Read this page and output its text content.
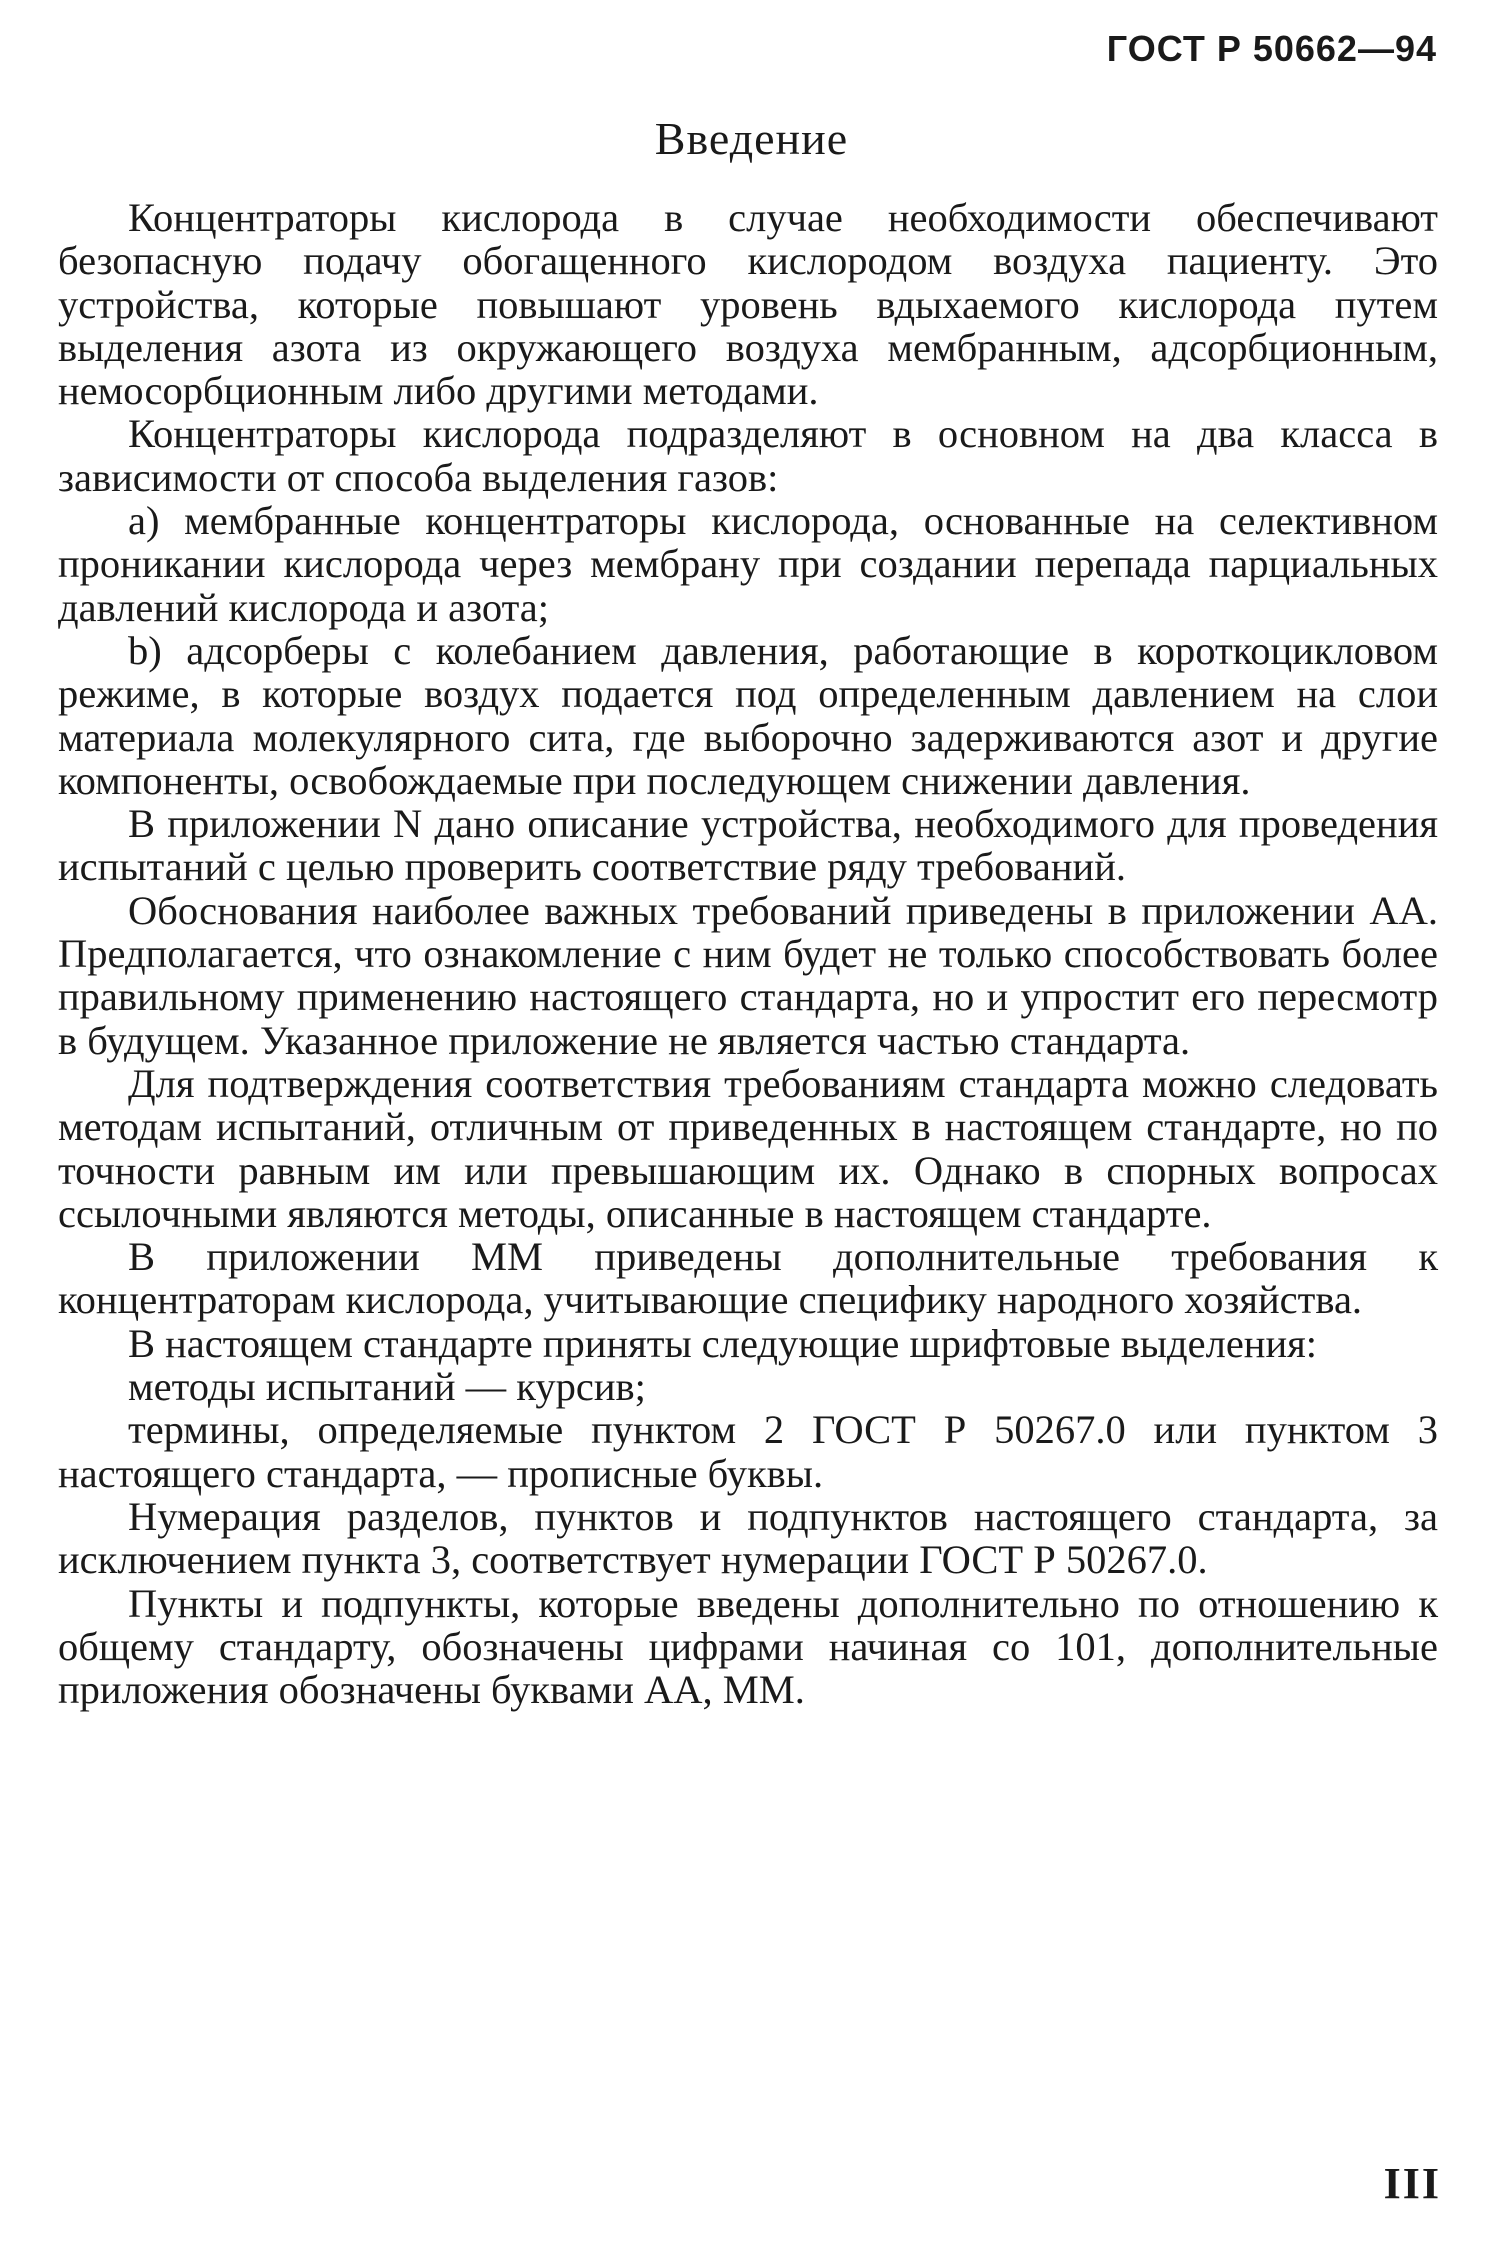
ГОСТ Р 50662—94
Введение

Концентраторы кислорода в случае необходимости обеспечивают безопасную подачу обогащенного кислородом воздуха пациенту. Это устройства, которые повышают уровень вдыхаемого кислорода путем выделения азота из окружающего воздуха мембранным, адсорбционным, немосорбционным либо другими методами.

Концентраторы кислорода подразделяют в основном на два класса в зависимости от способа выделения газов:

а) мембранные концентраторы кислорода, основанные на селективном проникании кислорода через мембрану при создании перепада парциальных давлений кислорода и азота;

b) адсорберы с колебанием давления, работающие в короткоцикловом режиме, в которые воздух подается под определенным давлением на слои материала молекулярного сита, где выборочно задерживаются азот и другие компоненты, освобождаемые при последующем снижении давления.

В приложении N дано описание устройства, необходимого для проведения испытаний с целью проверить соответствие ряду требований.

Обоснования наиболее важных требований приведены в приложении АА. Предполагается, что ознакомление с ним будет не только способствовать более правильному применению настоящего стандарта, но и упростит его пересмотр в будущем. Указанное приложение не является частью стандарта.

Для подтверждения соответствия требованиям стандарта можно следовать методам испытаний, отличным от приведенных в настоящем стандарте, но по точности равным им или превышающим их. Однако в спорных вопросах ссылочными являются методы, описанные в настоящем стандарте.

В приложении ММ приведены дополнительные требования к концентраторам кислорода, учитывающие специфику народного хозяйства.

В настоящем стандарте приняты следующие шрифтовые выделения:

методы испытаний — курсив;

термины, определяемые пунктом 2 ГОСТ Р 50267.0 или пунктом 3 настоящего стандарта, — прописные буквы.

Нумерация разделов, пунктов и подпунктов настоящего стандарта, за исключением пункта 3, соответствует нумерации ГОСТ Р 50267.0.

Пункты и подпункты, которые введены дополнительно по отношению к общему стандарту, обозначены цифрами начиная со 101, дополнительные приложения обозначены буквами АА, ММ.

III
